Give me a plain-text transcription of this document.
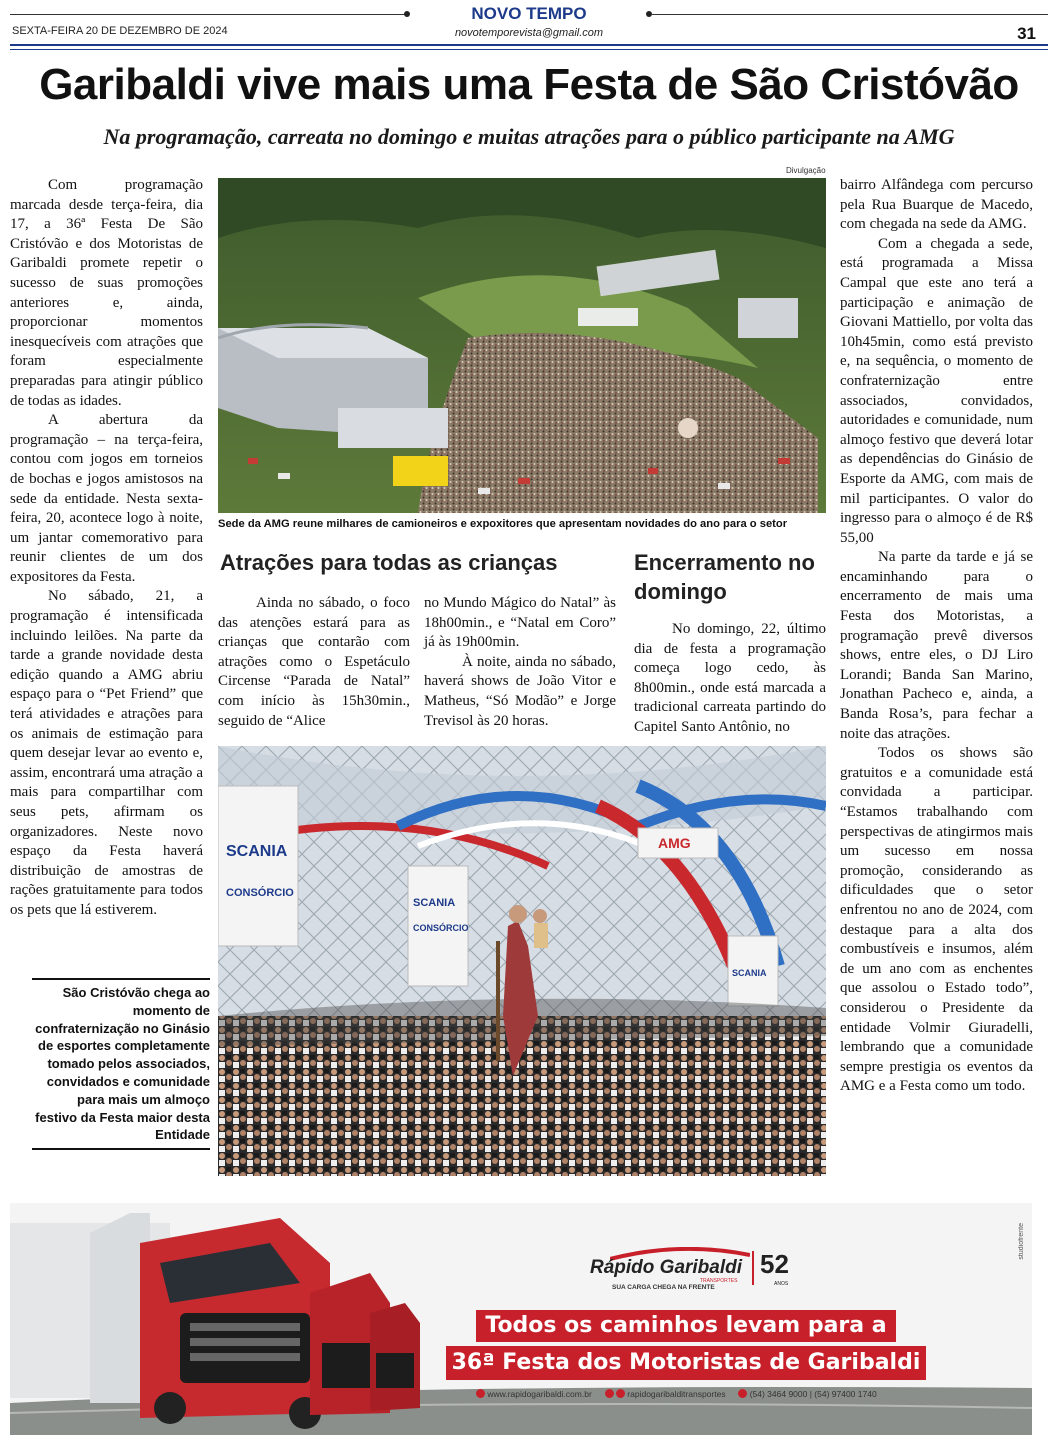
NOVO TEMPO
novotemporevista@gmail.com
SEXTA-FEIRA 20 DE DEZEMBRO DE 2024	31
Garibaldi vive mais uma Festa de São Cristóvão
Na programação, carreata no domingo e muitas atrações para o público participante na AMG

Com programação marcada desde terça-feira, dia 17, a 36ª Festa De São Cristóvão e dos Motoristas de Garibaldi promete repetir o sucesso de suas promoções anteriores e, ainda, proporcionar momentos inesquecíveis com atrações que foram especialmente preparadas para atingir público de todas as idades.

A abertura da programação – na terça-feira, contou com jogos em torneios de bochas e jogos amistosos na sede da entidade. Nesta sexta-feira, 20, acontece logo à noite, um jantar comemorativo para reunir clientes de um dos expositores da Festa.

No sábado, 21, a programação é intensificada incluindo leilões. Na parte da tarde a grande novidade desta edição quando a AMG abriu espaço para o “Pet Friend” que terá atividades e atrações para os animais de estimação para quem desejar levar ao evento e, assim, encontrará uma atração a mais para compartilhar com seus pets, afirmam os organizadores. Neste novo espaço da Festa haverá distribuição de amostras de rações gratuitamente para todos os pets que lá estiverem.

Divulgação
Sede da AMG reune milhares de camioneiros e expoxitores que apresentam novidades do ano para o setor
Atrações para todas as crianças

Ainda no sábado, o foco das atenções estará para as crianças que contarão com atrações como o Espetáculo Circense “Parada de Natal” com início às 15h30min., seguido de “Alice

no Mundo Mágico do Natal” às 18h00min., e “Natal em Coro” já às 19h00min.

À noite, ainda no sábado, haverá shows de João Vitor e Matheus, “Só Modão” e Jorge Trevisol às 20 horas.

Encerramento no domingo

No domingo, 22, último dia de festa a programação começa logo cedo, às 8h00min., onde está marcada a tradicional carreata partindo do Capitel Santo Antônio, no

bairro Alfândega com percurso pela Rua Buarque de Macedo, com chegada na sede da AMG.

Com a chegada a sede, está programada a Missa Campal que este ano terá a participação e animação de Giovani Mattiello, por volta das 10h45min, como está previsto e, na sequência, o momento de confraternização entre associados, convidados, autoridades e comunidade, num almoço festivo que deverá lotar as dependências do Ginásio de Esporte da AMG, com mais de mil participantes. O valor do ingresso para o almoço é de R$ 55,00

Na parte da tarde e já se encaminhando para o encerramento de mais uma Festa dos Motoristas, a programação prevê diversos shows, entre eles, o DJ Liro Lorandi; Banda San Marino, Jonathan Pacheco e, ainda, a Banda Rosa’s, para fechar a noite das atrações.

Todos os shows são gratuitos e a comunidade está convidada a participar. “Estamos trabalhando com perspectivas de atingirmos mais um sucesso em nossa promoção, considerando as dificuldades que o setor enfrentou no ano de 2024, com destaque para a alta dos combustíveis e insumos, além de um ano com as enchentes que assolou o Estado todo”, considerou o Presidente da entidade Volmir Giuradelli, lembrando que a comunidade sempre prestigia os eventos da AMG e a Festa como um todo.

SCANIA
CONSÓRCIO
SCANIA
CONSÓRCIO
AMG
SCANIA
São Cristóvão chega ao momento de confraternização no Ginásio de esportes completamente tomado pelos associados, convidados e comunidade para mais um almoço festivo da Festa maior desta Entidade
Rápido Garibaldi
TRANSPORTES
SUA CARGA CHEGA NA FRENTE
52
ANOS
studiofrente
Todos os caminhos levam para a
36ª Festa dos Motoristas de Garibaldi
www.rapidogaribaldi.com.br	rapidogaribalditransportes	(54) 3464 9000 | (54) 97400 1740
